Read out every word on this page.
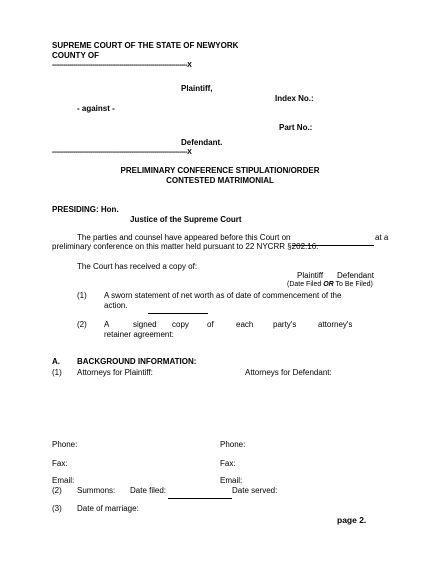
SUPREME COURT OF THE STATE OF NEWYORK
COUNTY OF
----------------------------------------------------------------------X
Plaintiff,
Index No.:
- against -
Part No.:
Defendant.
----------------------------------------------------------------------X
PRELIMINARY CONFERENCE STIPULATION/ORDER
CONTESTED MATRIMONIAL
PRESIDING: Hon.
Justice of the Supreme Court
The parties and counsel have appeared before this Court on	at a
preliminary conference on this matter held pursuant to 22 NYCRR §202.16.
The Court has received a copy of:
Plaintiff Defendant
(Date Filed OR To Be Filed)
(1) A sworn statement of net worth as of date of commencement of the
action.
(2) A	signed copy of	each party's	attorney's
retainer agreement:
A. BACKGROUND INFORMATION:
(1) Attorneys for Plaintiff:	Attorneys for Defendant:
Phone:	Phone:
Fax:	Fax:
Email:	Email:
(2) Summons: Date filed:	Date served:
(3) Date of marriage:
page 2.
